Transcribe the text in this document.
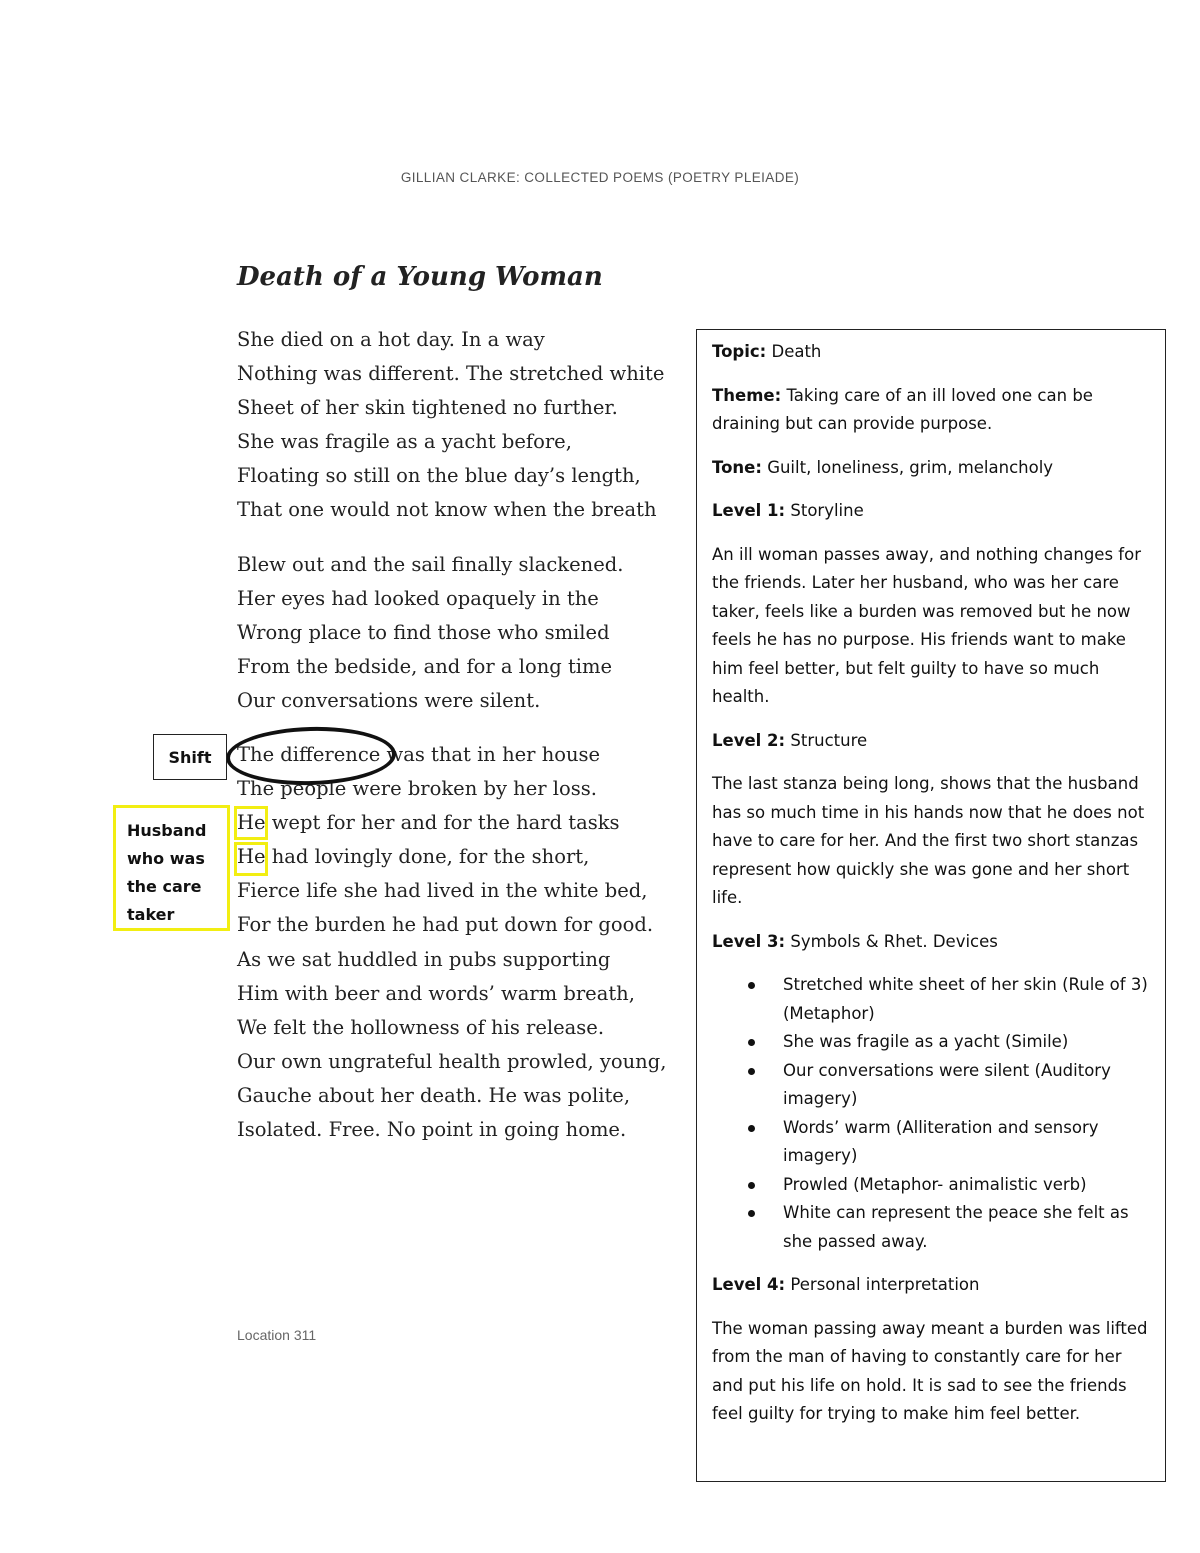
GILLIAN CLARKE: COLLECTED POEMS (POETRY PLEIADE)
Death of a Young Woman
She died on a hot day. In a way
Nothing was different. The stretched white
Sheet of her skin tightened no further.
She was fragile as a yacht before,
Floating so still on the blue day’s length,
That one would not know when the breath
Blew out and the sail finally slackened.
Her eyes had looked opaquely in the
Wrong place to find those who smiled
From the bedside, and for a long time
Our conversations were silent.
The difference was that in her house
The people were broken by her loss.
He wept for her and for the hard tasks
He had lovingly done, for the short,
Fierce life she had lived in the white bed,
For the burden he had put down for good.
As we sat huddled in pubs supporting
Him with beer and words’ warm breath,
We felt the hollowness of his release.
Our own ungrateful health prowled, young,
Gauche about her death. He was polite,
Isolated. Free. No point in going home.
Location 311
Shift
Husband
who was
the care
taker

Topic: Death

Theme: Taking care of an ill loved one can be draining but can provide purpose.

Tone: Guilt, loneliness, grim, melancholy

Level 1: Storyline

An ill woman passes away, and nothing changes for the friends. Later her husband, who was her care taker, feels like a burden was removed but he now feels he has no purpose. His friends want to make him feel better, but felt guilty to have so much health.

Level 2: Structure

The last stanza being long, shows that the husband has so much time in his hands now that he does not have to care for her. And the first two short stanzas represent how quickly she was gone and her short life.

Level 3: Symbols & Rhet. Devices

Stretched white sheet of her skin (Rule of 3) (Metaphor)
She was fragile as a yacht (Simile)
Our conversations were silent (Auditory imagery)
Words’ warm (Alliteration and sensory imagery)
Prowled (Metaphor- animalistic verb)
White can represent the peace she felt as she passed away.

Level 4: Personal interpretation

The woman passing away meant a burden was lifted from the man of having to constantly care for her and put his life on hold. It is sad to see the friends feel guilty for trying to make him feel better.
